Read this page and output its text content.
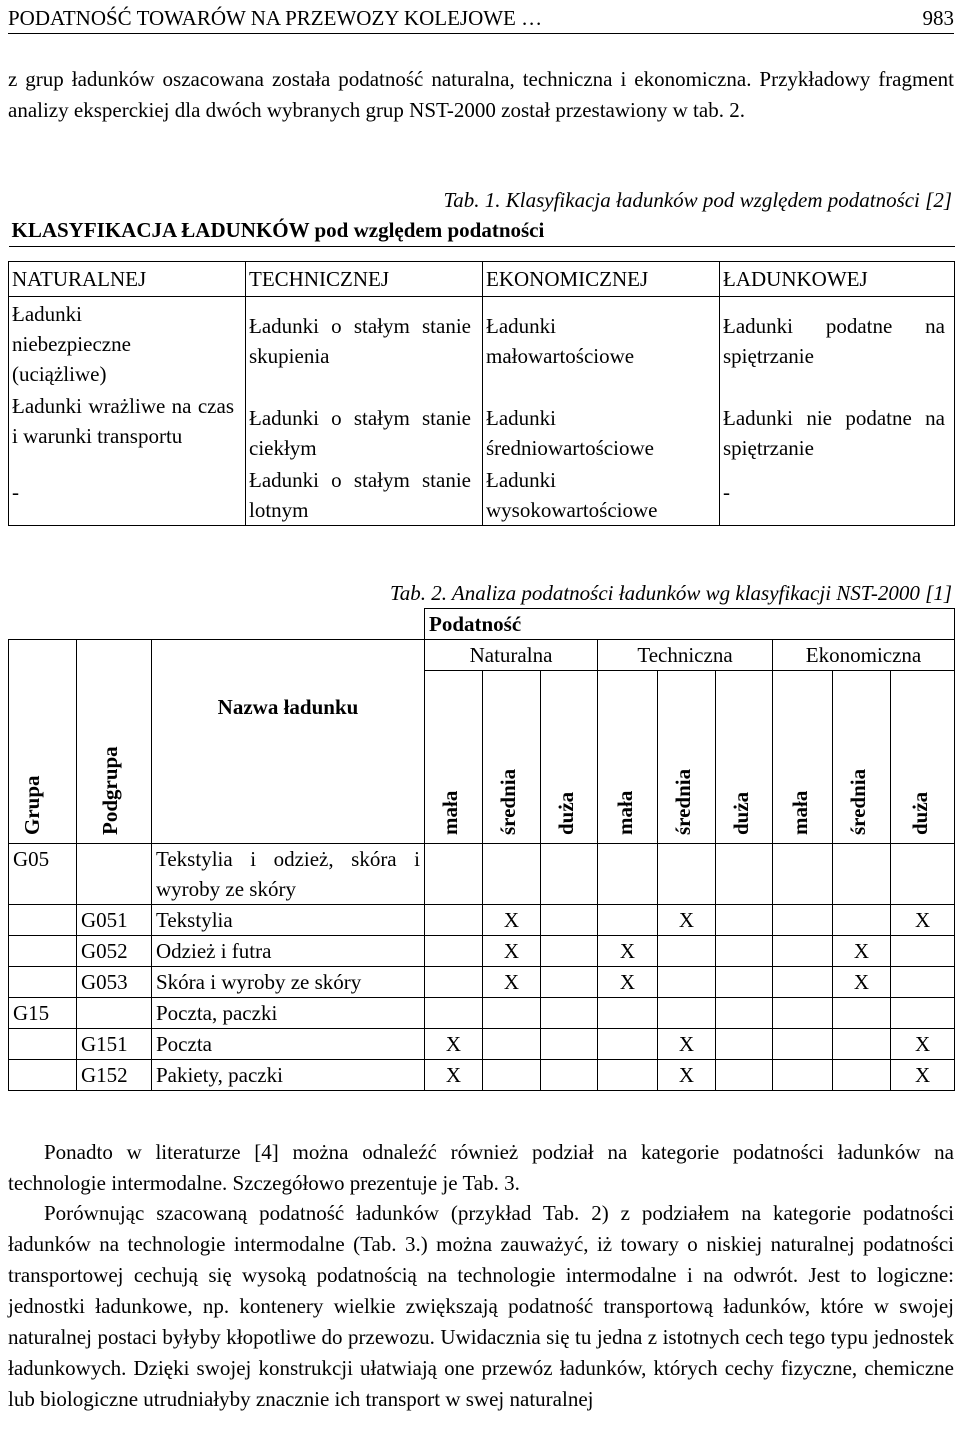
PODATNOŚĆ TOWARÓW NA PRZEWOZY KOLEJOWE …	983
z grup ładunków oszacowana została podatność naturalna, techniczna i ekonomiczna. Przykładowy fragment analizy eksperckiej dla dwóch wybranych grup NST-2000 został przestawiony w tab. 2.
Tab. 1. Klasyfikacja ładunków pod względem podatności [2]
KLASYFIKACJA ŁADUNKÓW pod względem podatności			

NATURALNEJ	TECHNICZNEJ	EKONOMICZNEJ	ŁADUNKOWEJ

Ładunki niebezpieczne (uciążliwe)	Ładunki o stałym stanie skupienia	Ładunki małowartościowe	Ładunki podatne na spiętrzanie

Ładunki wrażliwe na czas i warunki transportu	Ładunki o stałym stanie ciekłym	Ładunki średniowartościowe	Ładunki nie podatne na spiętrzanie

-	Ładunki o stałym stanie lotnym	Ładunki wysokowartościowe	-
Tab. 2. Analiza podatności ładunków wg klasyfikacji NST-2000 [1]
			Podatność								

Grupa	Podgrupa	Nazwa ładunku	Naturalna			Techniczna			Ekonomiczna		

			mała	średnia	duża	mała	średnia	duża	mała	średnia	duża

G05		Tekstylia i odzież, skóra i wyroby ze skóry									
	G051	Tekstylia		X			X				X
	G052	Odzież i futra		X		X				X	
	G053	Skóra i wyroby ze skóry		X		X				X	
G15		Poczta, paczki									
	G151	Poczta	X				X				X
	G152	Pakiety, paczki	X				X				X
Ponadto w literaturze [4] można odnaleźć również podział na kategorie podatności ładunków na technologie intermodalne. Szczegółowo prezentuje je Tab. 3.
Porównując szacowaną podatność ładunków (przykład Tab. 2) z podziałem na kategorie podatności ładunków na technologie intermodalne (Tab. 3.) można zauważyć, iż towary o niskiej naturalnej podatności transportowej cechują się wysoką podatnością na technologie intermodalne i na odwrót. Jest to logiczne: jednostki ładunkowe, np. kontenery wielkie zwiększają podatność transportową ładunków, które w swojej naturalnej postaci byłyby kłopotliwe do przewozu. Uwidacznia się tu jedna z istotnych cech tego typu jednostek ładunkowych. Dzięki swojej konstrukcji ułatwiają one przewóz ładunków, których cechy fizyczne, chemiczne lub biologiczne utrudniałyby znacznie ich transport w swej naturalnej
